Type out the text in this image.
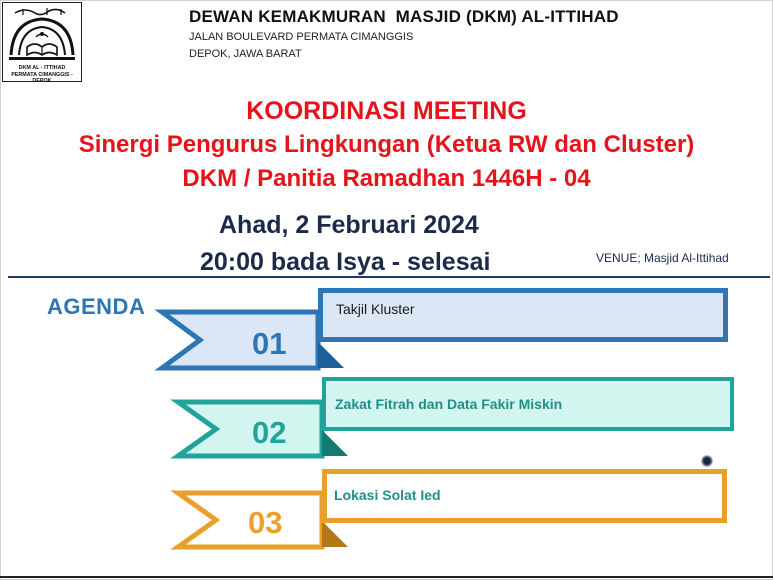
DKM AL - ITTIHAD
PERMATA CIMANGGIS - DEPOK
DEWAN KEMAKMURAN  MASJID (DKM) AL-ITTIHAD
JALAN BOULEVARD PERMATA CIMANGGIS
DEPOK, JAWA BARAT
KOORDINASI MEETING
Sinergi Pengurus Lingkungan (Ketua RW dan Cluster)
DKM / Panitia Ramadhan 1446H - 04
Ahad, 2 Februari 2024
20:00 bada Isya - selesai	VENUE; Masjid Al-Ittihad
AGENDA	Takjil Kluster
01
Zakat Fitrah dan Data Fakir Miskin
02
Lokasi Solat Ied
03
